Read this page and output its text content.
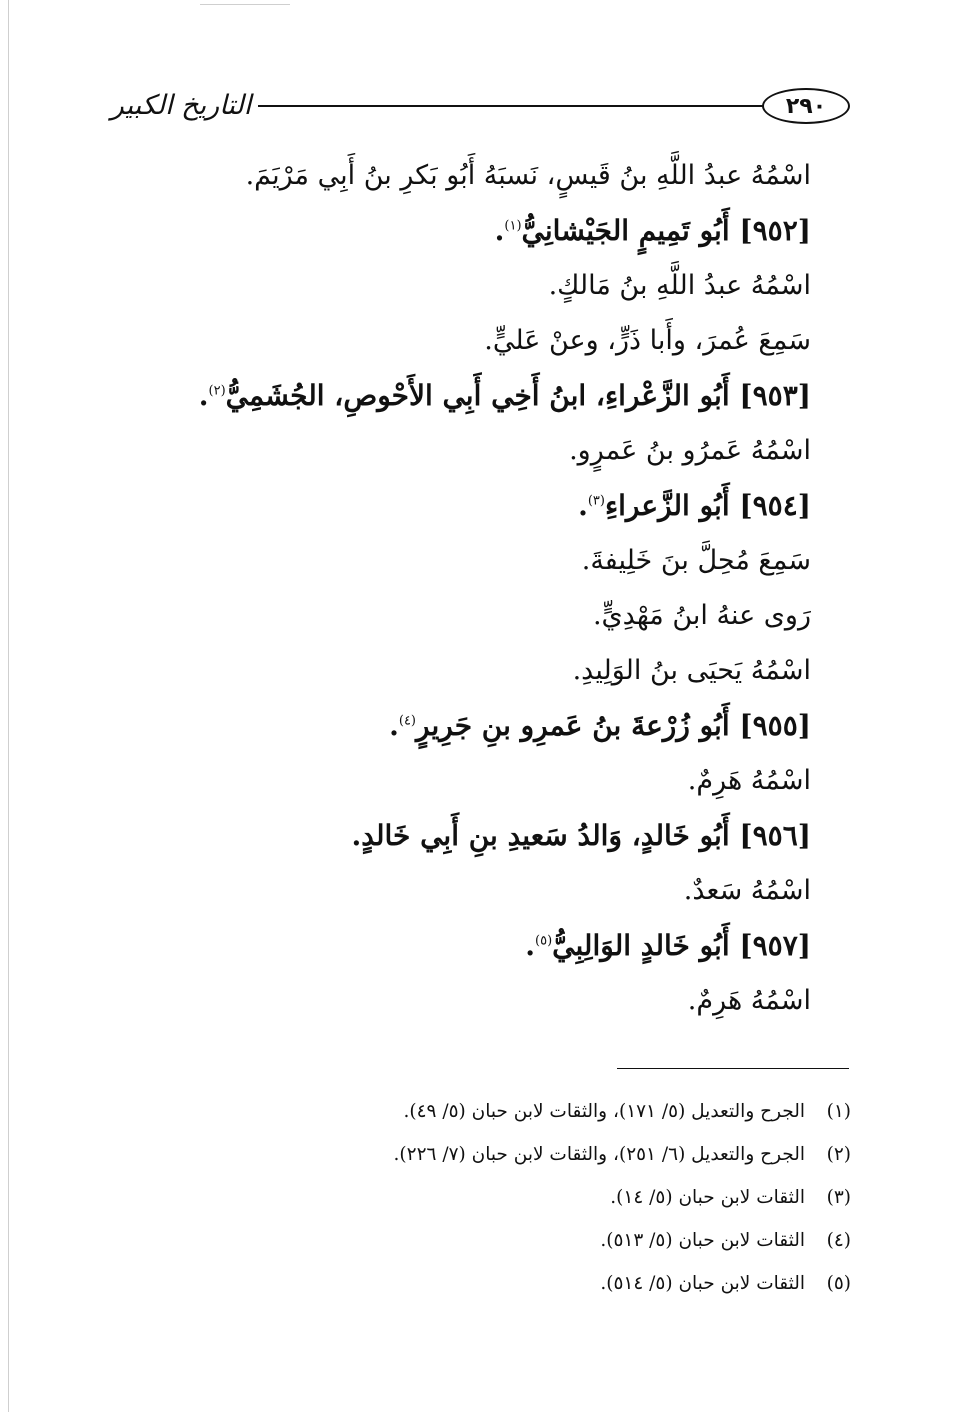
٢٩٠
التاريخ الكبير
اسْمُهُ عبدُ اللَّهِ بنُ قَيسٍ، نَسبَهُ أَبُو بَكرِ بنُ أَبِي مَرْيَمَ.
[٩٥٢] أَبُو تَمِيمٍ الجَيْشانِيُّ$^{(١)}$.
اسْمُهُ عبدُ اللَّهِ بنُ مَالكٍ.
سَمِعَ عُمرَ، وأَبا ذَرٍّ، وعنْ عَليٍّ.
[٩٥٣] أَبُو الزَّعْراءِ، ابنُ أَخِي أَبِي الأَحْوصِ، الجُشَمِيُّ$^{(٢)}$.
اسْمُهُ عَمرُو بنُ عَمرٍو.
[٩٥٤] أَبُو الزَّعراءِ$^{(٣)}$.
سَمِعَ مُحِلَّ بنَ خَلِيفةَ.
رَوى عنهُ ابنُ مَهْدِيٍّ.
اسْمُهُ يَحيَى بنُ الوَلِيدِ.
[٩٥٥] أَبُو زُرْعةَ بنُ عَمرِو بنِ جَرِيرٍ$^{(٤)}$.
اسْمُهُ هَرِمٌ.
[٩٥٦] أَبُو خَالدٍ، وَالدُ سَعيدِ بنِ أَبِي خَالدٍ.
اسْمُهُ سَعدٌ.
[٩٥٧] أَبُو خَالدٍ الوَالِبِيُّ$^{(٥)}$.
اسْمُهُ هَرِمٌ.
(١)الجرح والتعديل (٥/ ١٧١)، والثقات لابن حبان (٥/ ٤٩).
(٢)الجرح والتعديل (٦/ ٢٥١)، والثقات لابن حبان (٧/ ٢٢٦).
(٣)الثقات لابن حبان (٥/ ١٤).
(٤)الثقات لابن حبان (٥/ ٥١٣).
(٥)الثقات لابن حبان (٥/ ٥١٤).
